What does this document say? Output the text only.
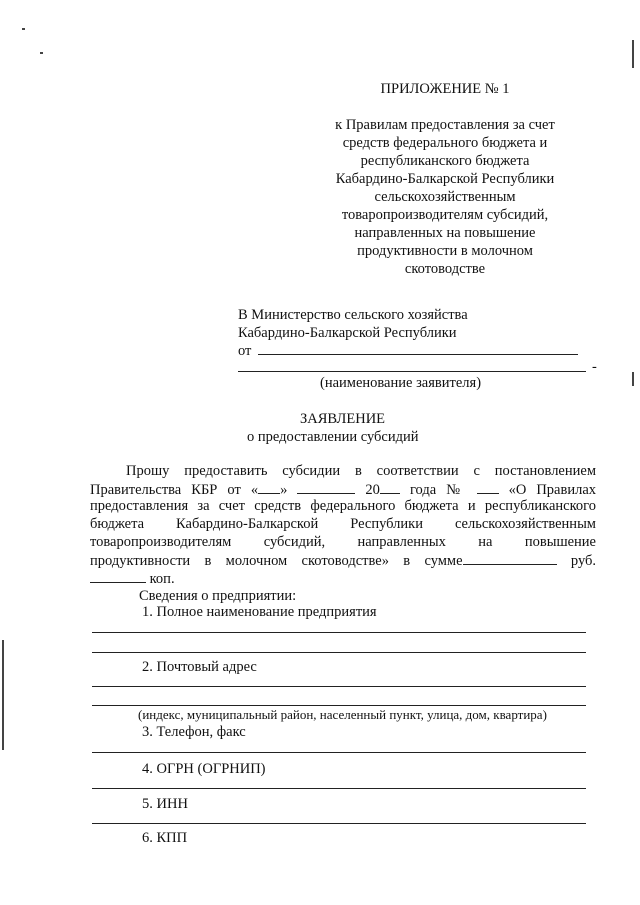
ПРИЛОЖЕНИЕ № 1
к Правилам предоставления за счет
средств федерального бюджета и
республиканского бюджета
Кабардино-Балкарской Республики
сельскохозяйственным
товаропроизводителям субсидий,
направленных на повышение
продуктивности в молочном
скотоводстве
В Министерство сельского хозяйства
Кабардино-Балкарской Республики
от
-
(наименование заявителя)
ЗАЯВЛЕНИЕ
о предоставлении субсидий
Прошу предоставить субсидии в соответствии с постановлением
Правительства КБР от « »	20 года №	«О Правилах
предоставления за счет средств федерального бюджета и республиканского
бюджета Кабардино-Балкарской Республики сельскохозяйственным
товаропроизводителям субсидий, направленных на повышение
продуктивности в молочном скотоводстве» в сумме	руб.
коп.
Сведения о предприятии:
1. Полное наименование предприятия
2. Почтовый адрес
(индекс, муниципальный район, населенный пункт, улица, дом, квартира)
3. Телефон, факс
4. ОГРН (ОГРНИП)
5. ИНН
6. КПП
